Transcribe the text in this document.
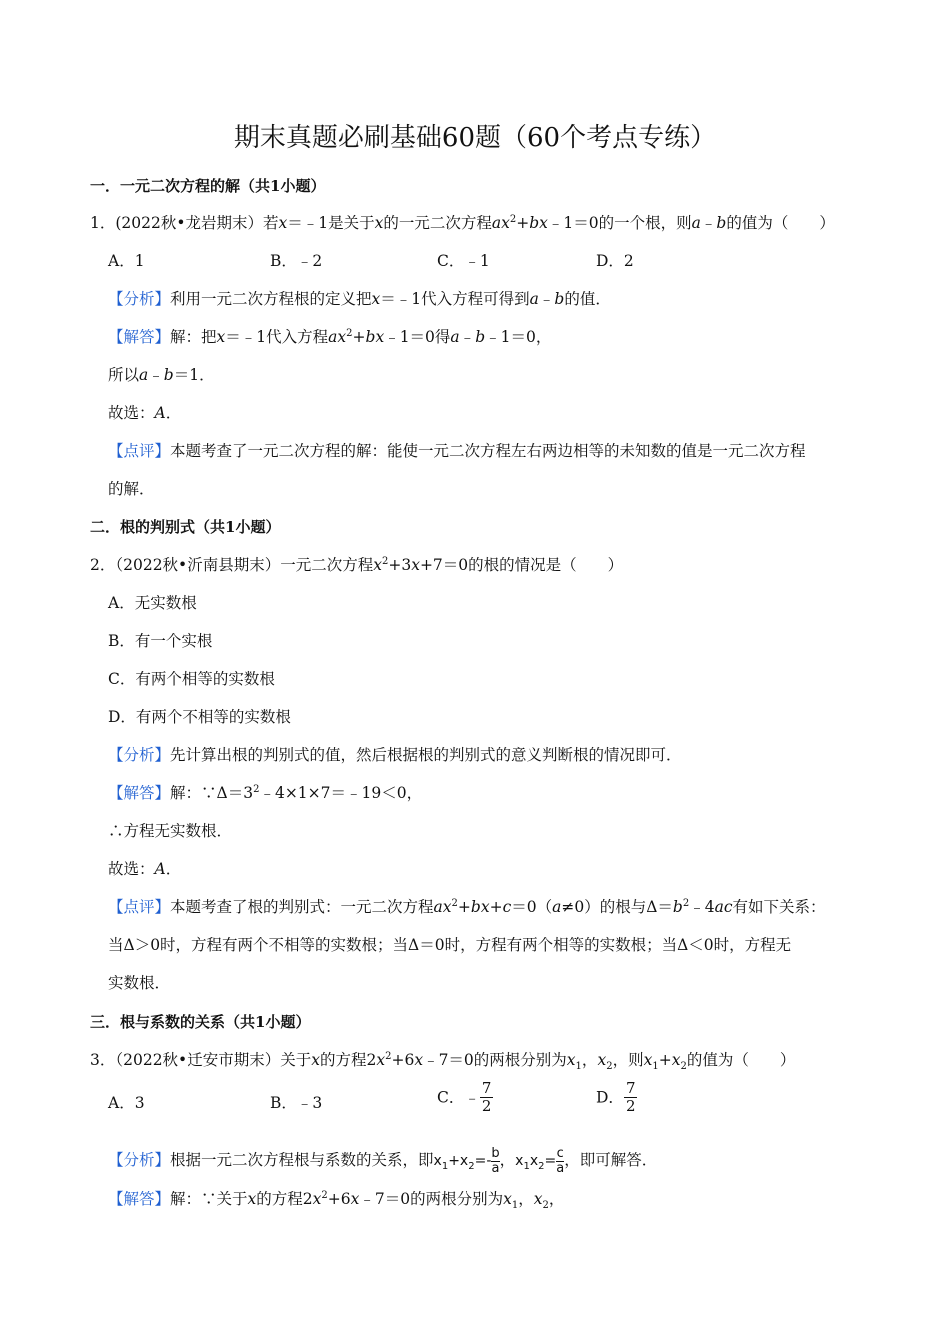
期末真题必刷基础60题（60个考点专练）
一．一元二次方程的解（共1小题）
1．(2022秋•龙岩期末）若x＝﹣1是关于x的一元二次方程$ax^2+bx﹣1=0$的一个根，则a﹣b的值为（　　）
A．1	B．﹣2	C．﹣1	D．2
【分析】利用一元二次方程根的定义把x＝﹣1代入方程可得到a﹣b的值．
【解答】解：把x＝﹣1代入方程$ax^2+bx﹣1=0$得a﹣b﹣1＝0，
所以a﹣b＝1．
故选：A．
【点评】本题考查了一元二次方程的解：能使一元二次方程左右两边相等的未知数的值是一元二次方程
的解．
二．根的判别式（共1小题）
2．（2022秋•沂南县期末）一元二次方程$x^2+3x+7=0$的根的情况是（　　）
A．无实数根
B．有一个实根
C．有两个相等的实数根
D．有两个不相等的实数根
【分析】先计算出根的判别式的值，然后根据根的判别式的意义判断根的情况即可．
【解答】解：$\because\Delta=3^2﹣4\times 1\times 7=﹣19<0$，
∴方程无实数根．
故选：A．
【点评】本题考查了根的判别式：一元二次方程$ax^2+bx+c=0(a\ne 0)$的根与$\Delta=b^2﹣4ac$有如下关系：
当Δ＞0时，方程有两个不相等的实数根；当Δ＝0时，方程有两个相等的实数根；当Δ＜0时，方程无
实数根．
三．根与系数的关系（共1小题）
3．（2022秋•迁安市期末）关于x的方程$2x^2+6x﹣7=0$的两根分别为$x_1$，$x_2$，则$x_1+x_2$的值为（　　）
A．3	B．﹣3	C．﹣ $\frac{7}{2}$	D． $\frac{7}{2}$
【分析】根据一元二次方程根与系数的关系，即$x_1+x_2=- \frac{b}{a}$ ，$x_1x_2= \frac{c}{a}$ ，即可解答．
【解答】解：∵关于x的方程$2x^2+6x﹣7=0$的两根分别为$x_1$，$x_2$，
